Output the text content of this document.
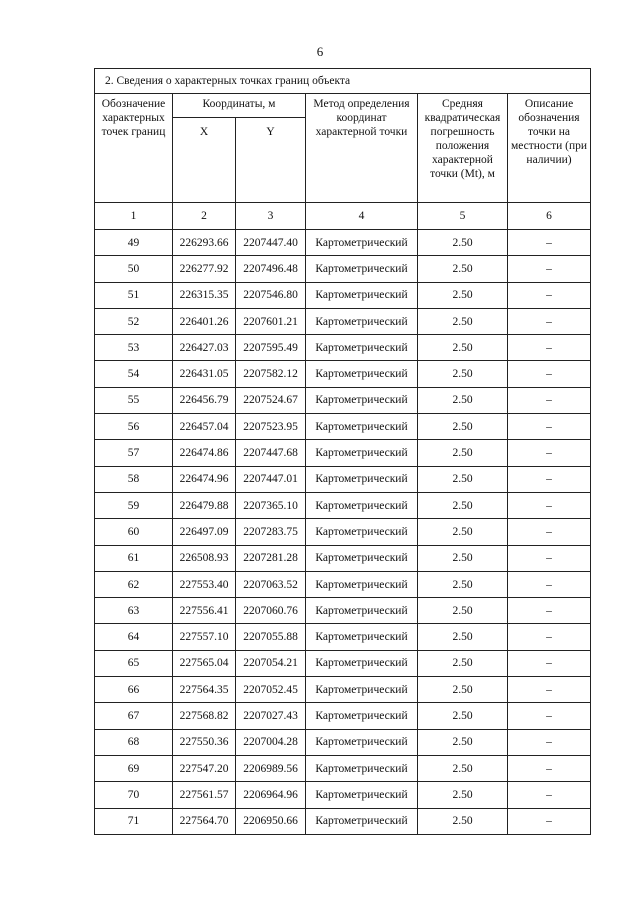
6
2. Сведения о характерных точках границ объекта					
Обозначение характерных точек границ	Координаты, м		Метод определения координат характерной точки	Средняя квадратическая погрешность положения характерной точки (Mt), м	Описание обозначения точки на местности (при наличии)
	X	Y			
1	2	3	4	5	6
49	226293.66	2207447.40	Картометрический	2.50	–
50	226277.92	2207496.48	Картометрический	2.50	–
51	226315.35	2207546.80	Картометрический	2.50	–
52	226401.26	2207601.21	Картометрический	2.50	–
53	226427.03	2207595.49	Картометрический	2.50	–
54	226431.05	2207582.12	Картометрический	2.50	–
55	226456.79	2207524.67	Картометрический	2.50	–
56	226457.04	2207523.95	Картометрический	2.50	–
57	226474.86	2207447.68	Картометрический	2.50	–
58	226474.96	2207447.01	Картометрический	2.50	–
59	226479.88	2207365.10	Картометрический	2.50	–
60	226497.09	2207283.75	Картометрический	2.50	–
61	226508.93	2207281.28	Картометрический	2.50	–
62	227553.40	2207063.52	Картометрический	2.50	–
63	227556.41	2207060.76	Картометрический	2.50	–
64	227557.10	2207055.88	Картометрический	2.50	–
65	227565.04	2207054.21	Картометрический	2.50	–
66	227564.35	2207052.45	Картометрический	2.50	–
67	227568.82	2207027.43	Картометрический	2.50	–
68	227550.36	2207004.28	Картометрический	2.50	–
69	227547.20	2206989.56	Картометрический	2.50	–
70	227561.57	2206964.96	Картометрический	2.50	–
71	227564.70	2206950.66	Картометрический	2.50	–
